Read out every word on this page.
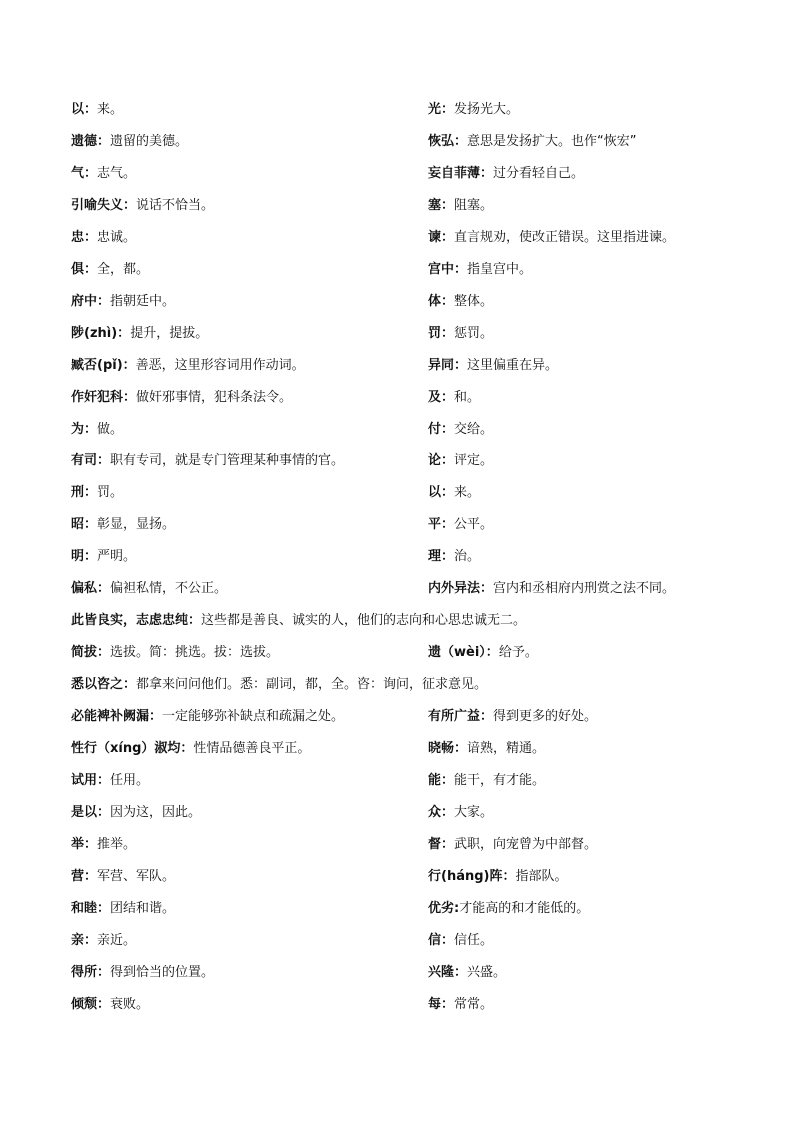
以：来。	光：发扬光大。
遗德：遗留的美德。	恢弘：意思是发扬扩大。也作“恢宏”
气：志气。	妄自菲薄：过分看轻自己。
引喻失义：说话不恰当。	塞：阻塞。
忠：忠诚。	谏：直言规劝，使改正错误。这里指进谏。
俱：全，都。	宫中：指皇宫中。
府中：指朝廷中。	体：整体。
陟(zhì)：提升，提拔。	罚：惩罚。
臧否(pǐ)：善恶，这里形容词用作动词。	异同：这里偏重在异。
作奸犯科：做奸邪事情，犯科条法令。	及：和。
为：做。	付：交给。
有司：职有专司，就是专门管理某种事情的官。	论：评定。
刑：罚。	以：来。
昭：彰显，显扬。	平：公平。
明：严明。	理：治。
偏私：偏袒私情，不公正。	内外异法：宫内和丞相府内刑赏之法不同。
此皆良实，志虑忠纯：这些都是善良、诚实的人，他们的志向和心思忠诚无二。
简拔：选拔。简：挑选。拔：选拔。	遗（wèi）：给予。
悉以咨之：都拿来问问他们。悉：副词，都，全。咨：询问，征求意见。
必能裨补阙漏：一定能够弥补缺点和疏漏之处。	有所广益：得到更多的好处。
性行（xíng）淑均：性情品德善良平正。	晓畅：谙熟，精通。
试用：任用。	能：能干，有才能。
是以：因为这，因此。	众：大家。
举：推举。	督：武职，向宠曾为中部督。
营：军营、军队。	行(háng)阵：指部队。
和睦：团结和谐。	优劣:才能高的和才能低的。
亲：亲近。	信：信任。
得所：得到恰当的位置。	兴隆：兴盛。
倾颓：衰败。	每：常常。
